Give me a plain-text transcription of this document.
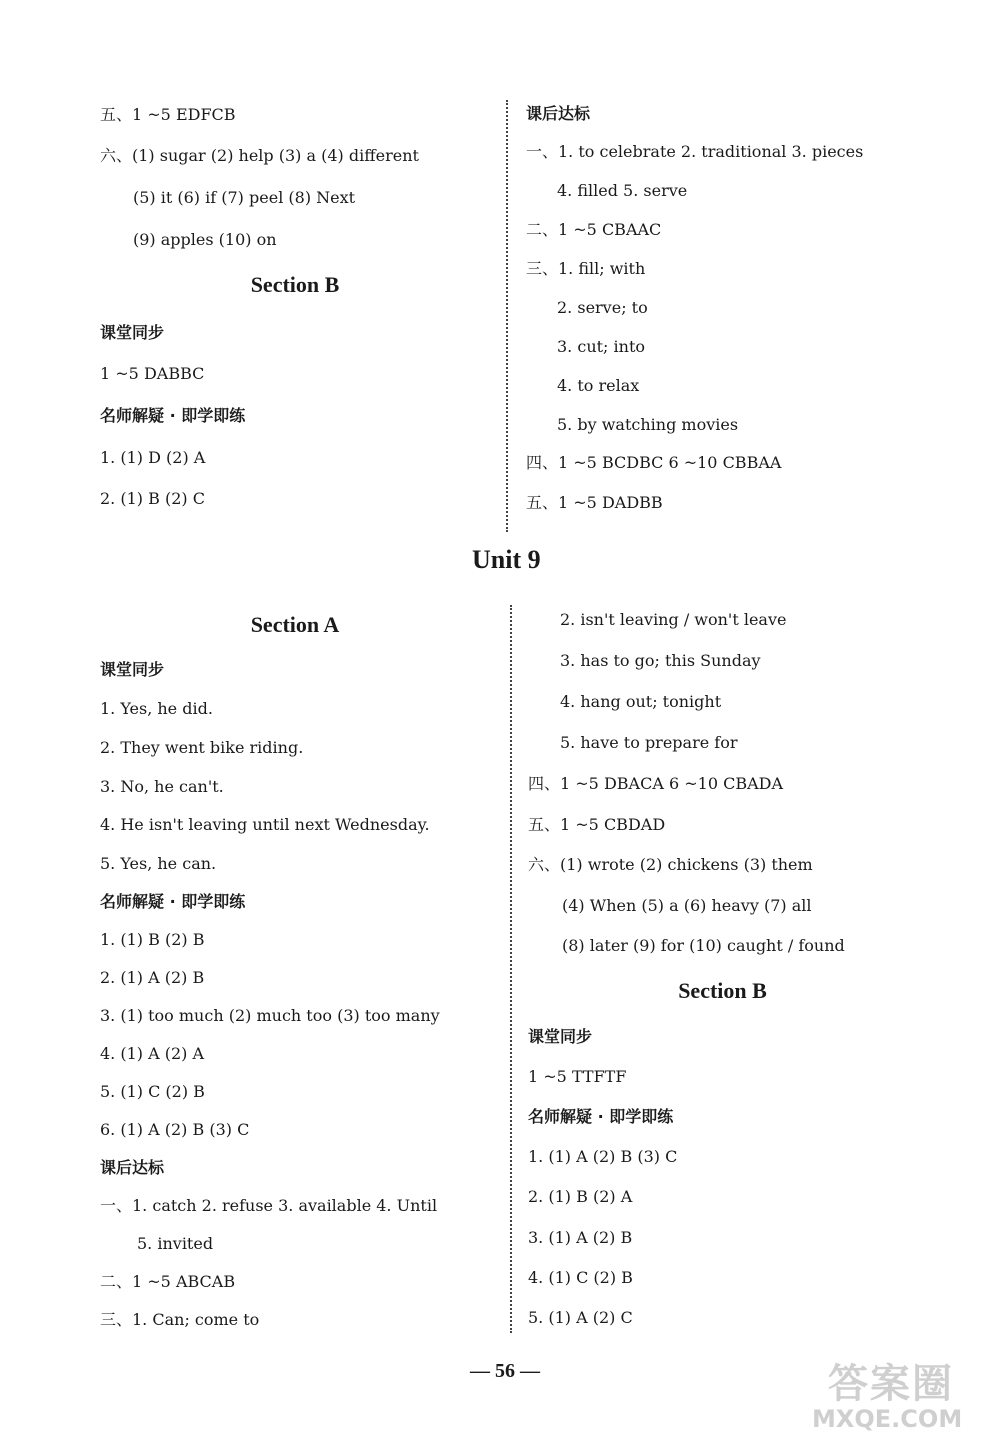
五、1 ~5 EDFCB
六、(1) sugar (2) help (3) a (4) different
(5) it (6) if (7) peel (8) Next
(9) apples (10) on
Section B
课堂同步
1 ~5 DABBC
名师解疑 · 即学即练
1. (1) D (2) A
2. (1) B (2) C
课后达标
一、1. to celebrate 2. traditional 3. pieces
4. filled 5. serve
二、1 ~5 CBAAC
三、1. fill; with
2. serve; to
3. cut; into
4. to relax
5. by watching movies
四、1 ~5 BCDBC 6 ~10 CBBAA
五、1 ~5 DADBB
Unit 9
Section A
课堂同步
1. Yes, he did.
2. They went bike riding.
3. No, he can't.
4. He isn't leaving until next Wednesday.
5. Yes, he can.
名师解疑 · 即学即练
1. (1) B (2) B
2. (1) A (2) B
3. (1) too much (2) much too (3) too many
4. (1) A (2) A
5. (1) C (2) B
6. (1) A (2) B (3) C
课后达标
一、1. catch 2. refuse 3. available 4. Until
5. invited
二、1 ~5 ABCAB
三、1. Can; come to
2. isn't leaving / won't leave
3. has to go; this Sunday
4. hang out; tonight
5. have to prepare for
四、1 ~5 DBACA 6 ~10 CBADA
五、1 ~5 CBDAD
六、(1) wrote (2) chickens (3) them
(4) When (5) a (6) heavy (7) all
(8) later (9) for (10) caught / found
Section B
课堂同步
1 ~5 TTFTF
名师解疑 · 即学即练
1. (1) A (2) B (3) C
2. (1) B (2) A
3. (1) A (2) B
4. (1) C (2) B
5. (1) A (2) C
— 56 —	答案圈
MXQE.COM
